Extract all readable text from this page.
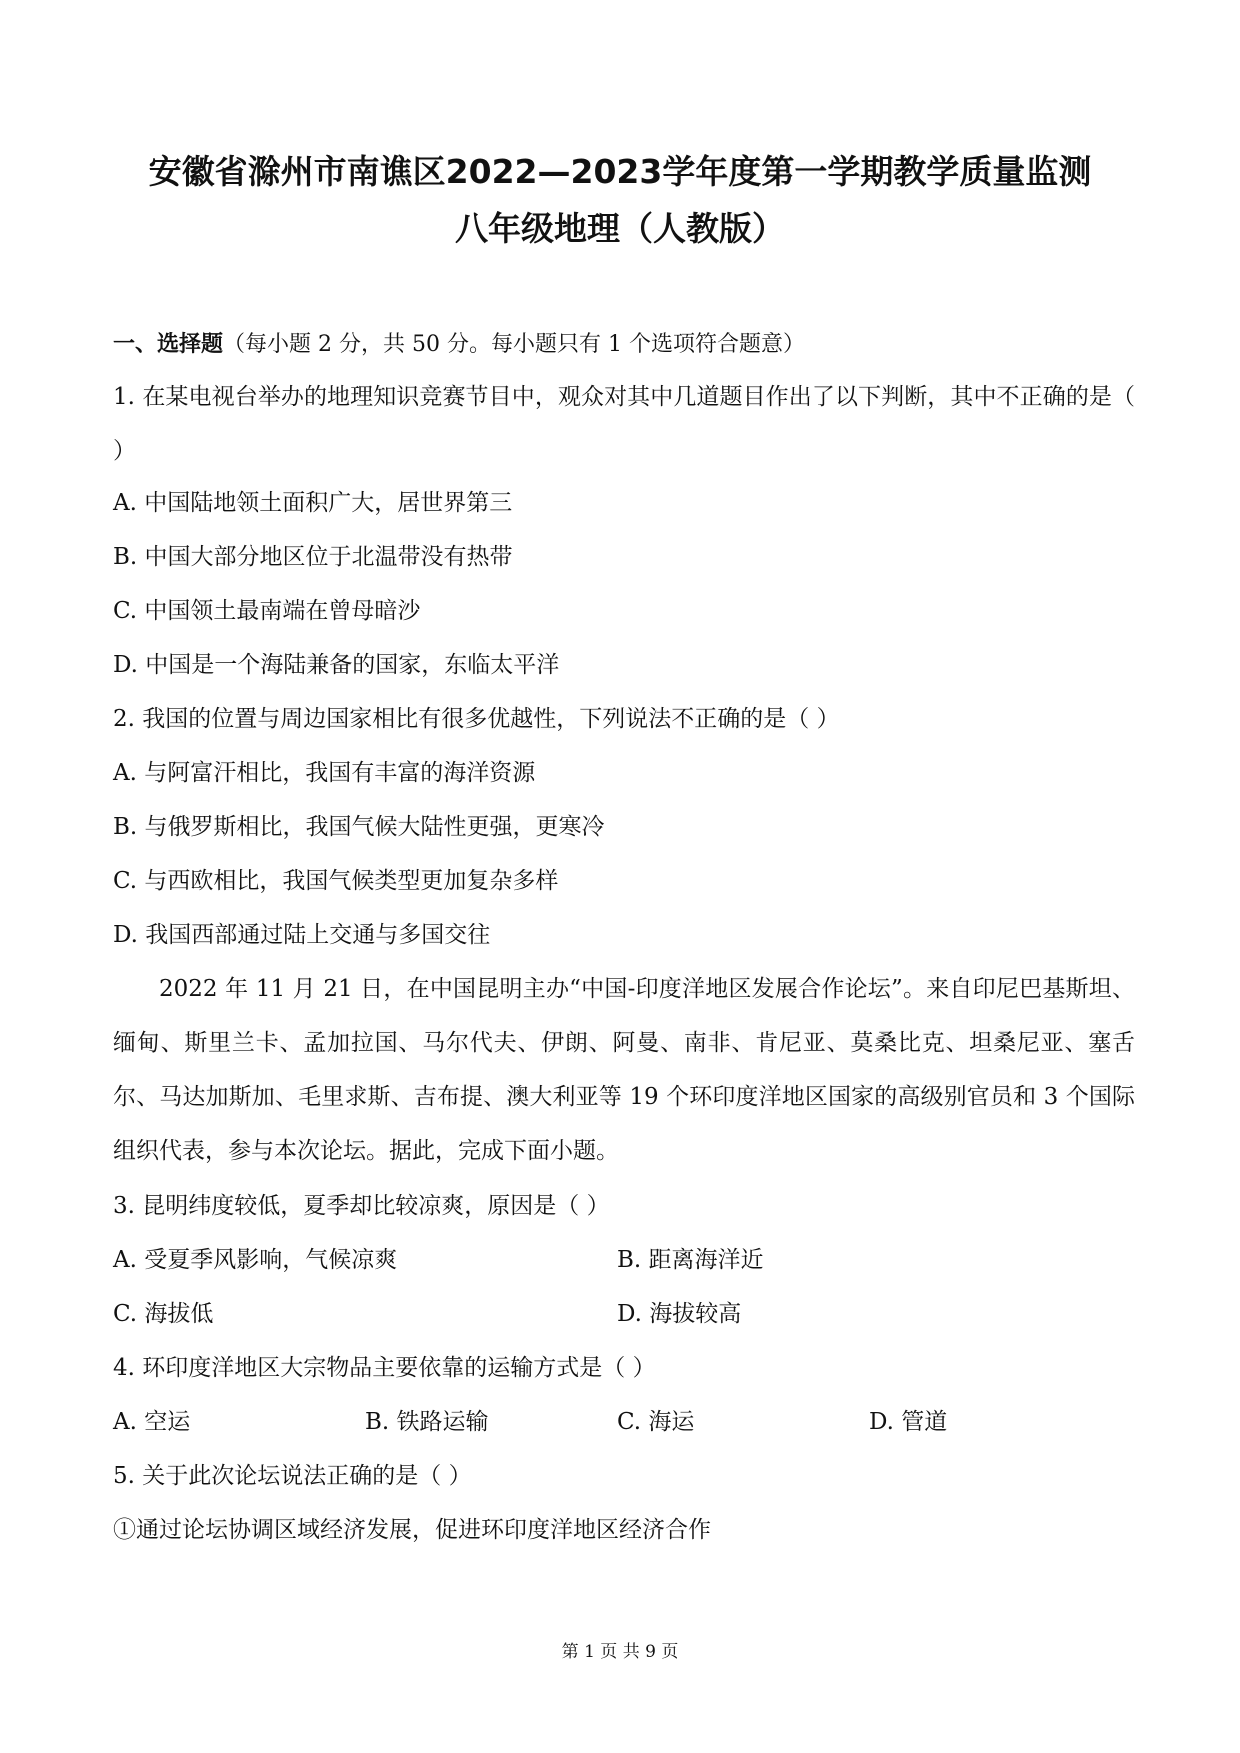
安徽省滁州市南谯区2022—2023学年度第一学期教学质量监测
八年级地理（人教版）
一、选择题（每小题 2 分，共 50 分。每小题只有 1 个选项符合题意）
1. 在某电视台举办的地理知识竞赛节目中，观众对其中几道题目作出了以下判断，其中不正确的是（ ）
A. 中国陆地领土面积广大，居世界第三
B. 中国大部分地区位于北温带没有热带
C. 中国领土最南端在曾母暗沙
D. 中国是一个海陆兼备的国家，东临太平洋
2. 我国的位置与周边国家相比有很多优越性，下列说法不正确的是（ ）
A. 与阿富汗相比，我国有丰富的海洋资源
B. 与俄罗斯相比，我国气候大陆性更强，更寒冷
C. 与西欧相比，我国气候类型更加复杂多样
D. 我国西部通过陆上交通与多国交往
2022 年 11 月 21 日，在中国昆明主办“中国-印度洋地区发展合作论坛”。来自印尼巴基斯坦、缅甸、斯里兰卡、孟加拉国、马尔代夫、伊朗、阿曼、南非、肯尼亚、莫桑比克、坦桑尼亚、塞舌尔、马达加斯加、毛里求斯、吉布提、澳大利亚等 19 个环印度洋地区国家的高级别官员和 3 个国际组织代表，参与本次论坛。据此，完成下面小题。
3. 昆明纬度较低，夏季却比较凉爽，原因是（ ）
A. 受夏季风影响，气候凉爽	B. 距离海洋近
C. 海拔低	D. 海拔较高
4. 环印度洋地区大宗物品主要依靠的运输方式是（ ）
A. 空运	B. 铁路运输	C. 海运	D. 管道
5. 关于此次论坛说法正确的是（ ）
①通过论坛协调区域经济发展，促进环印度洋地区经济合作
第 1 页 共 9 页
